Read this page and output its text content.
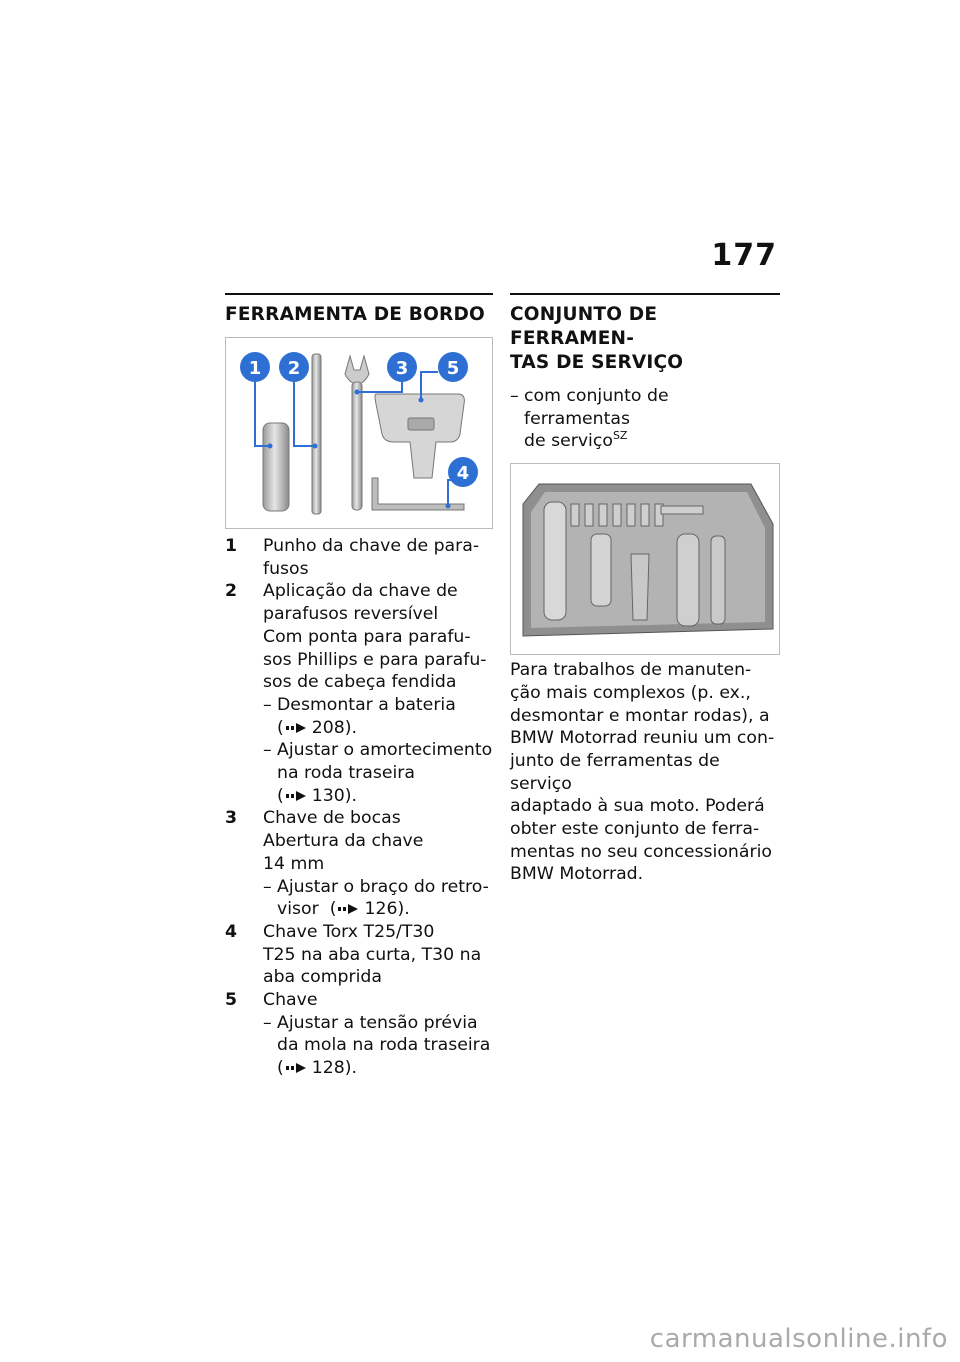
177
FERRAMENTA DE BORDO
1 2	3 5
4
1	Punho da chave de para-
fusos
2	Aplicação da chave de
parafusos reversível
Com ponta para parafu-
sos Phillips e para parafu-
sos de cabeça fendida
– Desmontar a bateria
( 208).
– Ajustar o amortecimento
na roda traseira
( 130).
3	Chave de bocas
Abertura da chave
14 mm
– Ajustar o braço do retro-
visor ( 126).
4	Chave Torx T25/T30
T25 na aba curta, T30 na
aba comprida
5	Chave
– Ajustar a tensão prévia
da mola na roda traseira
( 128).
CONJUNTO DE FERRAMEN-
TAS DE SERVIÇO
– com conjunto de ferramentas
de serviço$^{SZ}$
Para trabalhos de manuten-
ção mais complexos (p. ex.,
desmontar e montar rodas), a
BMW Motorrad reuniu um con-
junto de ferramentas de serviço
adaptado à sua moto. Poderá
obter este conjunto de ferra-
mentas no seu concessionário
BMW Motorrad.
carmanualsonline.info
